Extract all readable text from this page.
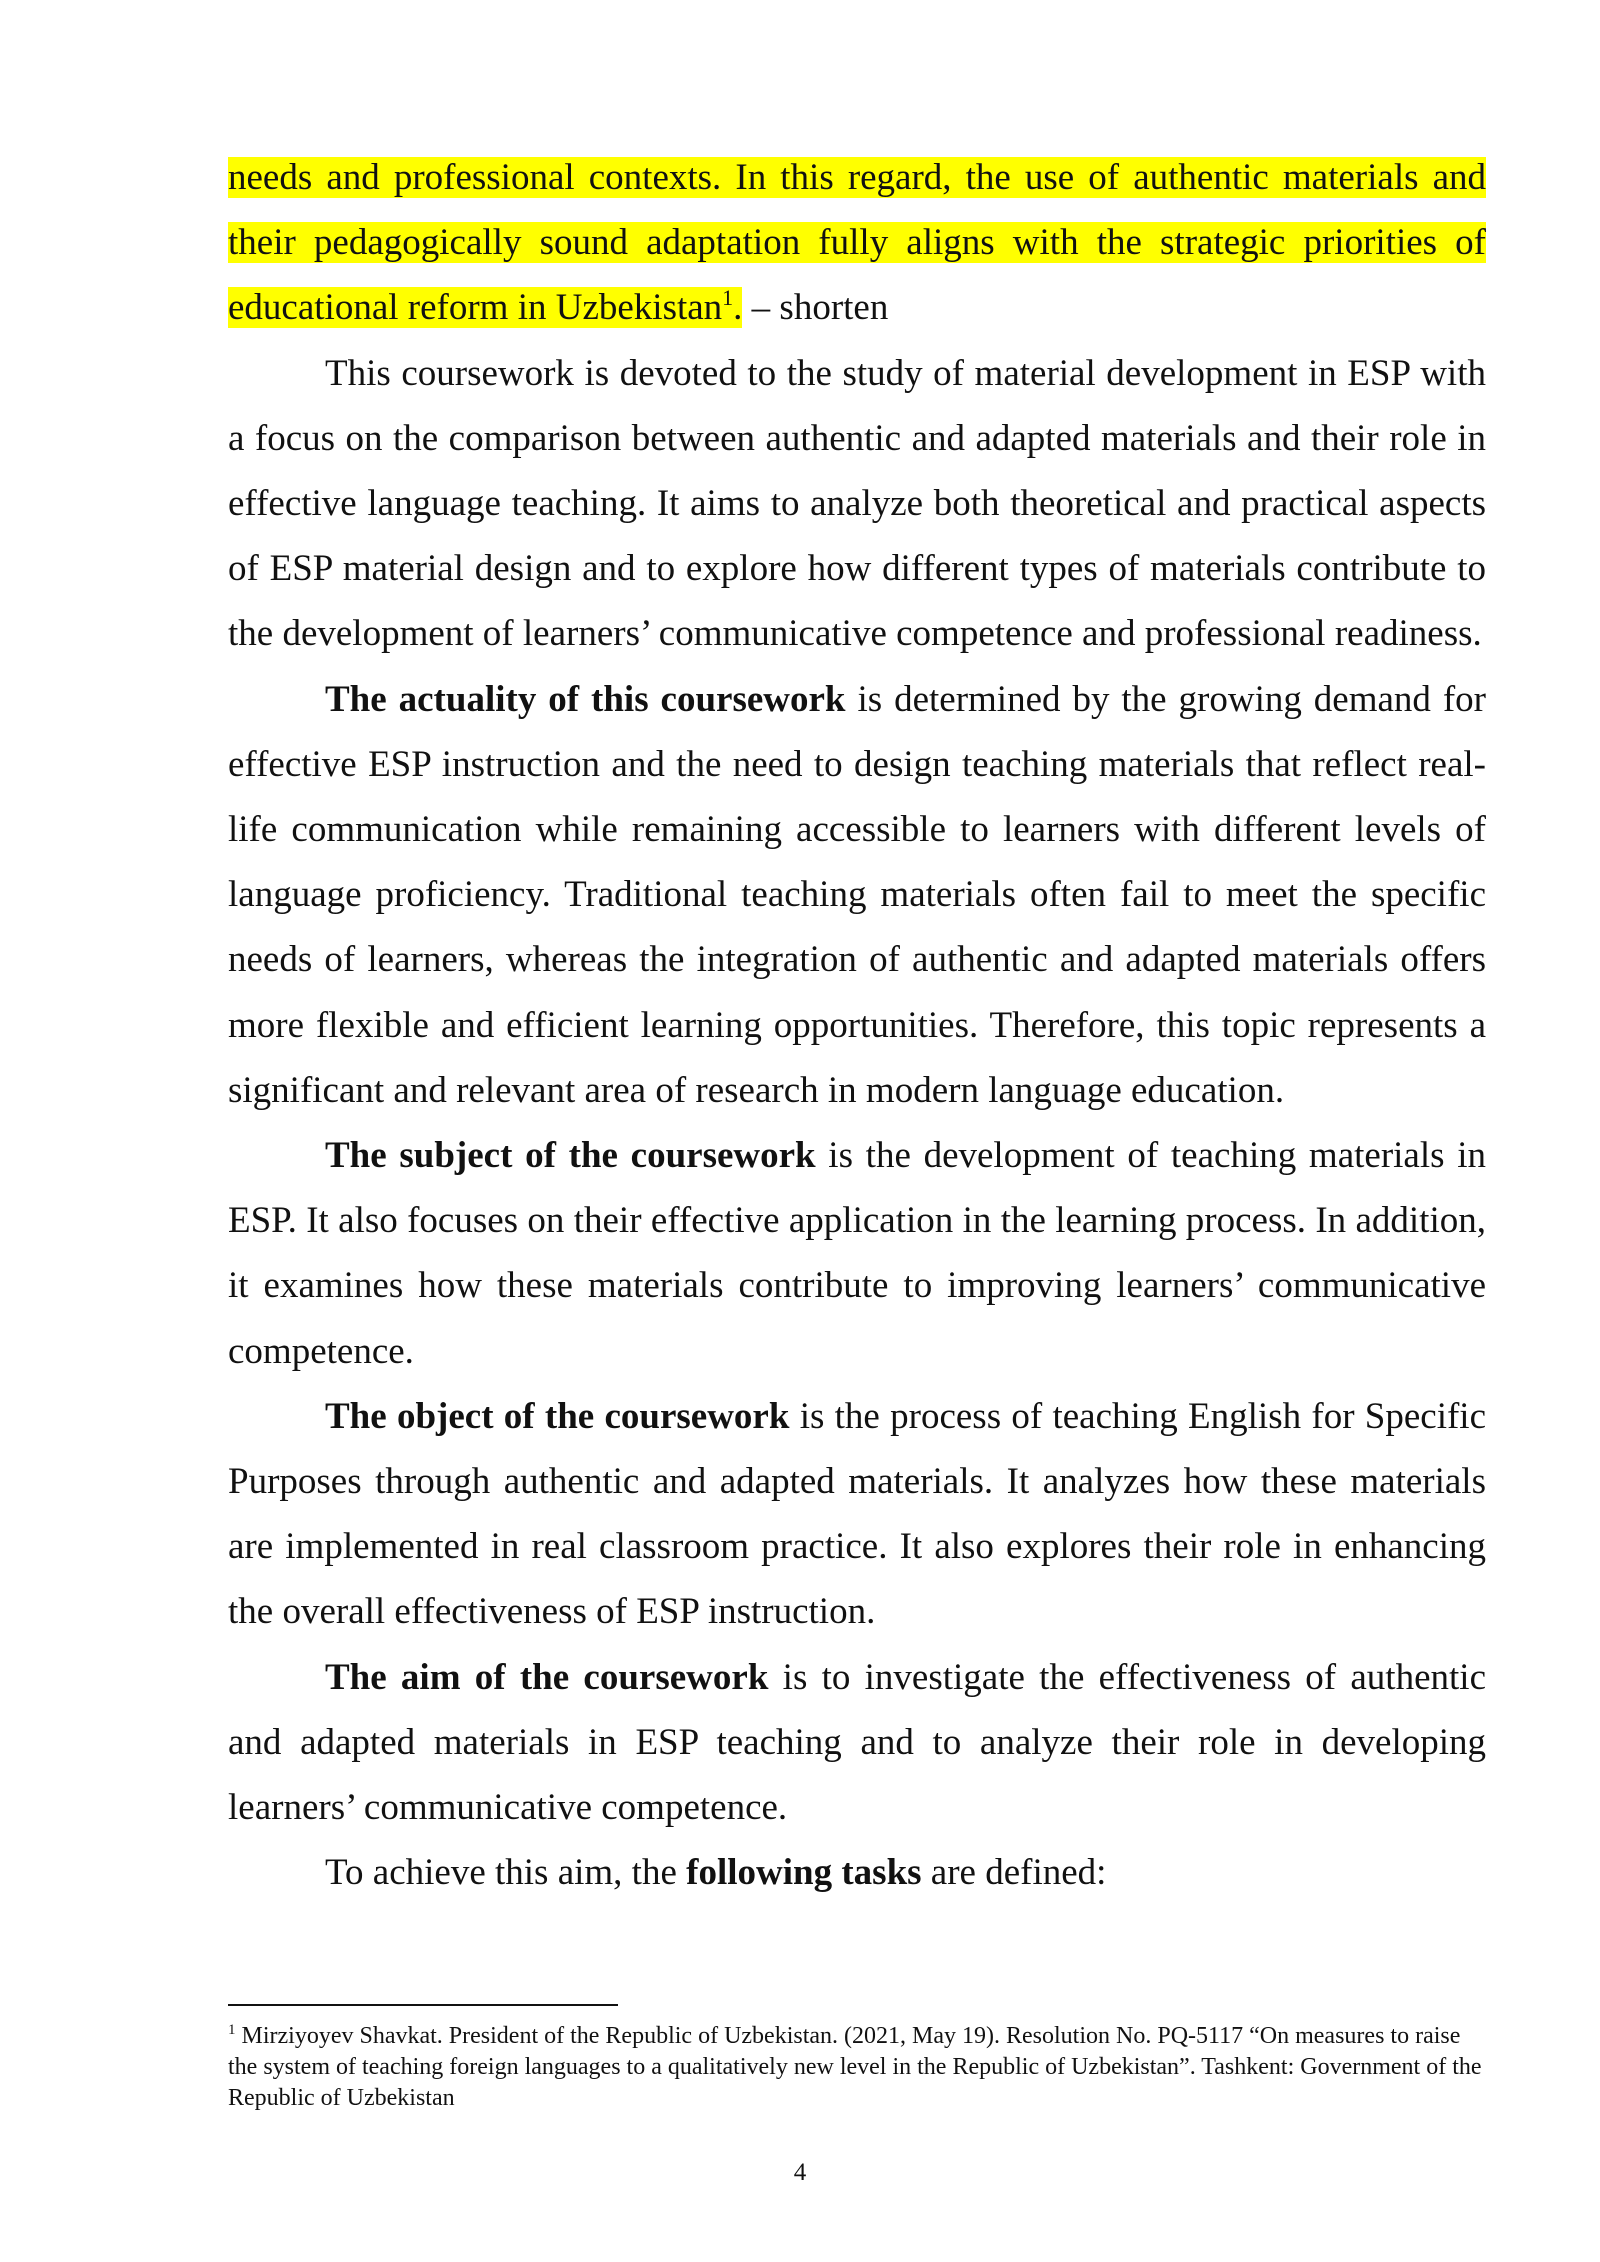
needs and professional contexts. In this regard, the use of authentic materials and their pedagogically sound adaptation fully aligns with the strategic priorities of educational reform in Uzbekistan$^1$. – shorten

This coursework is devoted to the study of material development in ESP with a focus on the comparison between authentic and adapted materials and their role in effective language teaching. It aims to analyze both theoretical and practical aspects of ESP material design and to explore how different types of materials contribute to the development of learners’ communicative competence and professional readiness.

The actuality of this coursework is determined by the growing demand for effective ESP instruction and the need to design teaching materials that reflect real-life communication while remaining accessible to learners with different levels of language proficiency. Traditional teaching materials often fail to meet the specific needs of learners, whereas the integration of authentic and adapted materials offers more flexible and efficient learning opportunities. Therefore, this topic represents a significant and relevant area of research in modern language education.

The subject of the coursework is the development of teaching materials in ESP. It also focuses on their effective application in the learning process. In addition, it examines how these materials contribute to improving learners’ communicative competence.

The object of the coursework is the process of teaching English for Specific Purposes through authentic and adapted materials. It analyzes how these materials are implemented in real classroom practice. It also explores their role in enhancing the overall effectiveness of ESP instruction.

The aim of the coursework is to investigate the effectiveness of authentic and adapted materials in ESP teaching and to analyze their role in developing learners’ communicative competence.

To achieve this aim, the following tasks are defined:

$^1$ Mirziyoyev Shavkat. President of the Republic of Uzbekistan. (2021, May 19). Resolution No. PQ-5117 “On measures to raise the system of teaching foreign languages to a qualitatively new level in the Republic of Uzbekistan”. Tashkent: Government of the Republic of Uzbekistan

4
